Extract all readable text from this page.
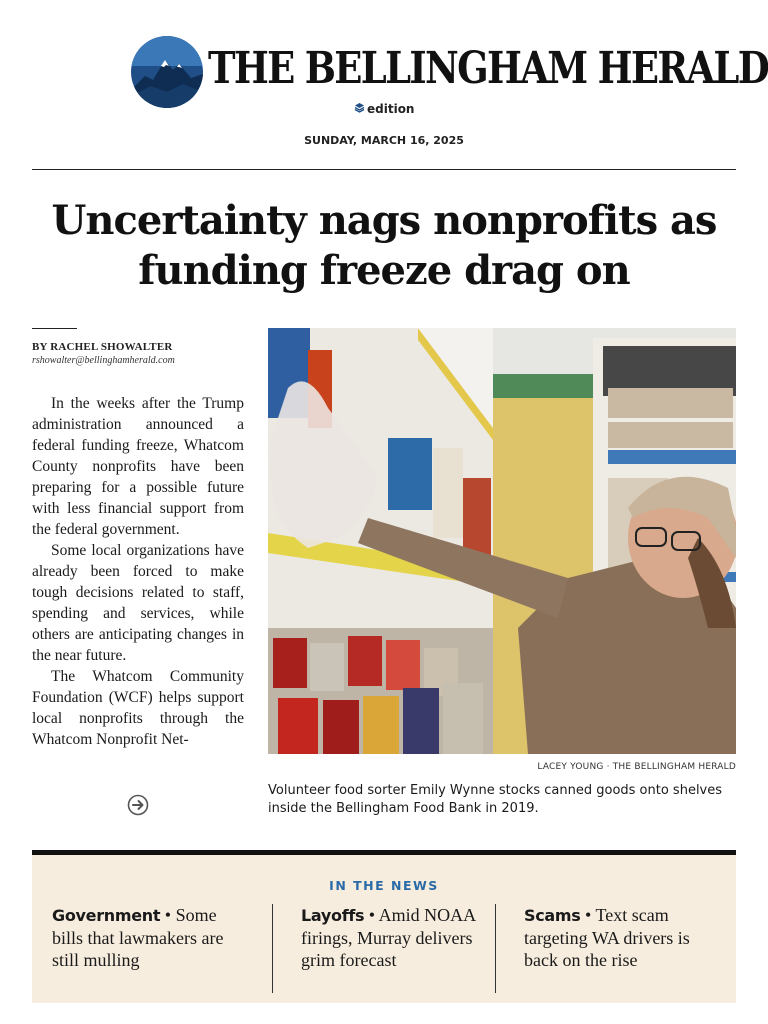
THE BELLINGHAM HERALD
edition
SUNDAY, MARCH 16, 2025
Uncertainty nags nonprofits as funding freeze drag on
BY RACHEL SHOWALTER
rshowalter@bellinghamherald.com

In the weeks after the Trump administration announced a federal funding freeze, Whatcom County nonprofits have been preparing for a possible future with less financial support from the federal government.

Some local organizations have already been forced to make tough decisions related to staff, spending and services, while others are anticipating changes in the near future.

The Whatcom Community Foundation (WCF) helps support local nonprofits through the Whatcom Nonprofit Net-

LACEY YOUNG · THE BELLINGHAM HERALD
Volunteer food sorter Emily Wynne stocks canned goods onto shelves inside the Bellingham Food Bank in 2019.
IN THE NEWS
Government • Some bills that lawmakers are still mulling
Layoffs • Amid NOAA firings, Murray delivers grim forecast
Scams • Text scam targeting WA drivers is back on the rise
